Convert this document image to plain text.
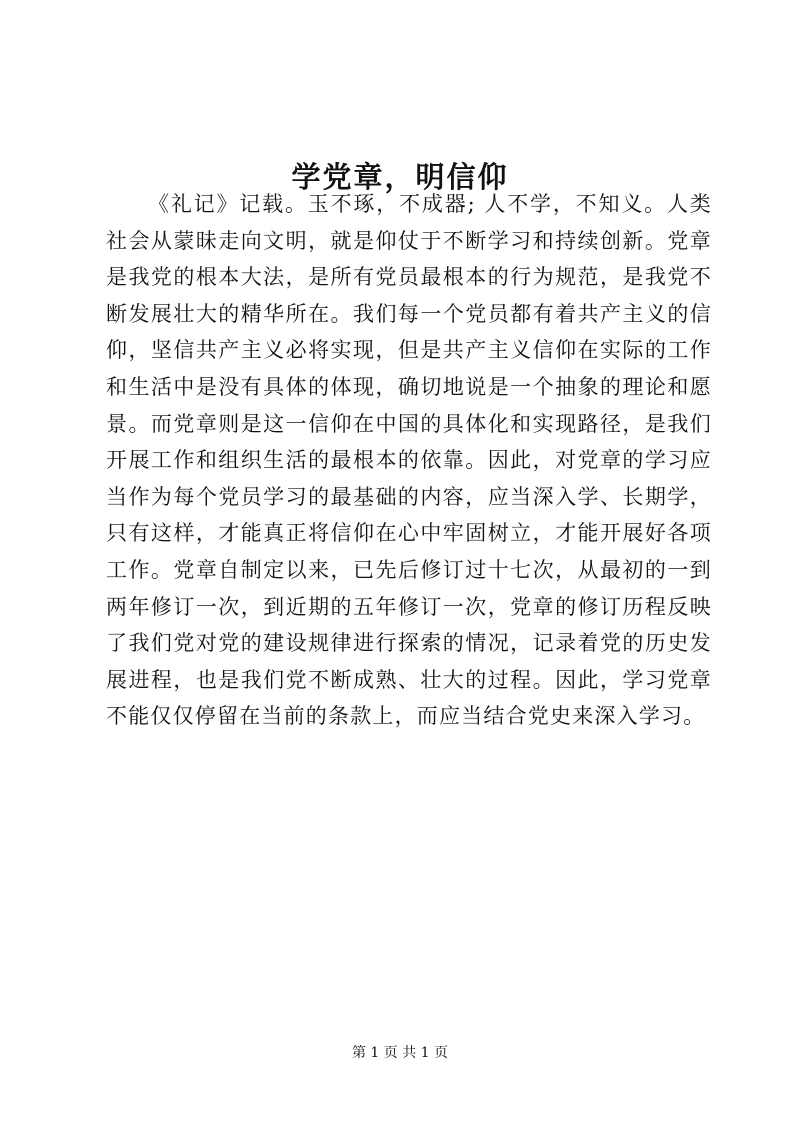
学党章，明信仰

《礼记》记载。玉不琢，不成器; 人不学，不知义。人类社会从蒙昧走向文明，就是仰仗于不断学习和持续创新。党章是我党的根本大法，是所有党员最根本的行为规范，是我党不断发展壮大的精华所在。我们每一个党员都有着共产主义的信仰，坚信共产主义必将实现，但是共产主义信仰在实际的工作和生活中是没有具体的体现，确切地说是一个抽象的理论和愿景。而党章则是这一信仰在中国的具体化和实现路径，是我们开展工作和组织生活的最根本的依靠。因此，对党章的学习应当作为每个党员学习的最基础的内容，应当深入学、长期学，只有这样，才能真正将信仰在心中牢固树立，才能开展好各项工作。党章自制定以来，已先后修订过十七次，从最初的一到两年修订一次，到近期的五年修订一次，党章的修订历程反映了我们党对党的建设规律进行探索的情况，记录着党的历史发展进程，也是我们党不断成熟、壮大的过程。因此，学习党章不能仅仅停留在当前的条款上，而应当结合党史来深入学习。

第 1 页 共 1 页
